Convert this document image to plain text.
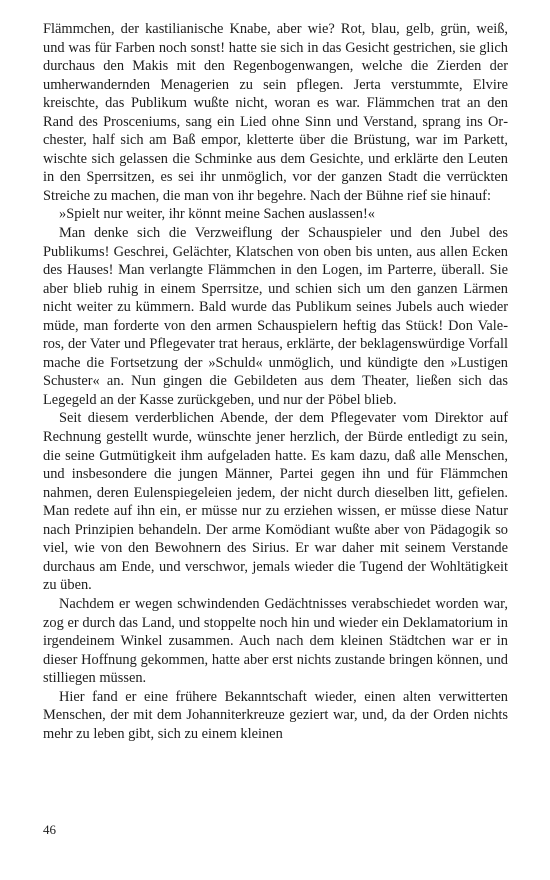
Flämmchen, der kastilianische Knabe, aber wie? Rot, blau, gelb, grün, weiß, und was für Farben noch sonst! hatte sie sich in das Gesicht gestrichen, sie glich durchaus den Makis mit den Regenbogenwangen, welche die Zierden der umherwandernden Menagerien zu sein pflegen. Jerta verstummte, Elvire kreischte, das Publikum wußte nicht, woran es war. Flämmchen trat an den Rand des Prosceniums, sang ein Lied ohne Sinn und Verstand, sprang ins Orchester, half sich am Baß empor, kletterte über die Brüstung, war im Parkett, wischte sich gelassen die Schminke aus dem Gesichte, und erklärte den Leuten in den Sperrsitzen, es sei ihr unmöglich, vor der ganzen Stadt die verrückten Streiche zu machen, die man von ihr begehre. Nach der Bühne rief sie hinauf:

»Spielt nur weiter, ihr könnt meine Sachen auslassen!«

Man denke sich die Verzweiflung der Schauspieler und den Jubel des Publikums! Geschrei, Gelächter, Klatschen von oben bis unten, aus allen Ecken des Hauses! Man verlangte Flämmchen in den Logen, im Parterre, überall. Sie aber blieb ruhig in einem Sperrsitze, und schien sich um den ganzen Lärmen nicht weiter zu kümmern. Bald wurde das Publikum seines Jubels auch wieder müde, man forderte von den armen Schauspielern heftig das Stück! Don Valeros, der Vater und Pflegevater trat heraus, erklärte, der beklagenswürdige Vorfall mache die Fortsetzung der »Schuld« unmöglich, und kündigte den »Lustigen Schuster« an. Nun gingen die Gebildeten aus dem Theater, ließen sich das Legegeld an der Kasse zurückgeben, und nur der Pöbel blieb.

Seit diesem verderblichen Abende, der dem Pflegevater vom Direktor auf Rechnung gestellt wurde, wünschte jener herzlich, der Bürde entledigt zu sein, die seine Gutmütigkeit ihm aufgeladen hatte. Es kam dazu, daß alle Menschen, und insbesondere die jungen Männer, Partei gegen ihn und für Flämmchen nahmen, deren Eulenspiegeleien jedem, der nicht durch dieselben litt, gefielen. Man redete auf ihn ein, er müsse nur zu erziehen wissen, er müsse diese Natur nach Prinzipien behandeln. Der arme Komödiant wußte aber von Pädagogik so viel, wie von den Bewohnern des Sirius. Er war daher mit seinem Verstande durchaus am Ende, und verschwor, jemals wieder die Tugend der Wohltätigkeit zu üben.

Nachdem er wegen schwindenden Gedächtnisses verabschiedet worden war, zog er durch das Land, und stoppelte noch hin und wieder ein Deklamatorium in irgendeinem Winkel zusammen. Auch nach dem kleinen Städtchen war er in dieser Hoffnung gekommen, hatte aber erst nichts zustande bringen können, und stilliegen müssen.

Hier fand er eine frühere Bekanntschaft wieder, einen alten verwitterten Menschen, der mit dem Johanniterkreuze geziert war, und, da der Orden nichts mehr zu leben gibt, sich zu einem kleinen

46
